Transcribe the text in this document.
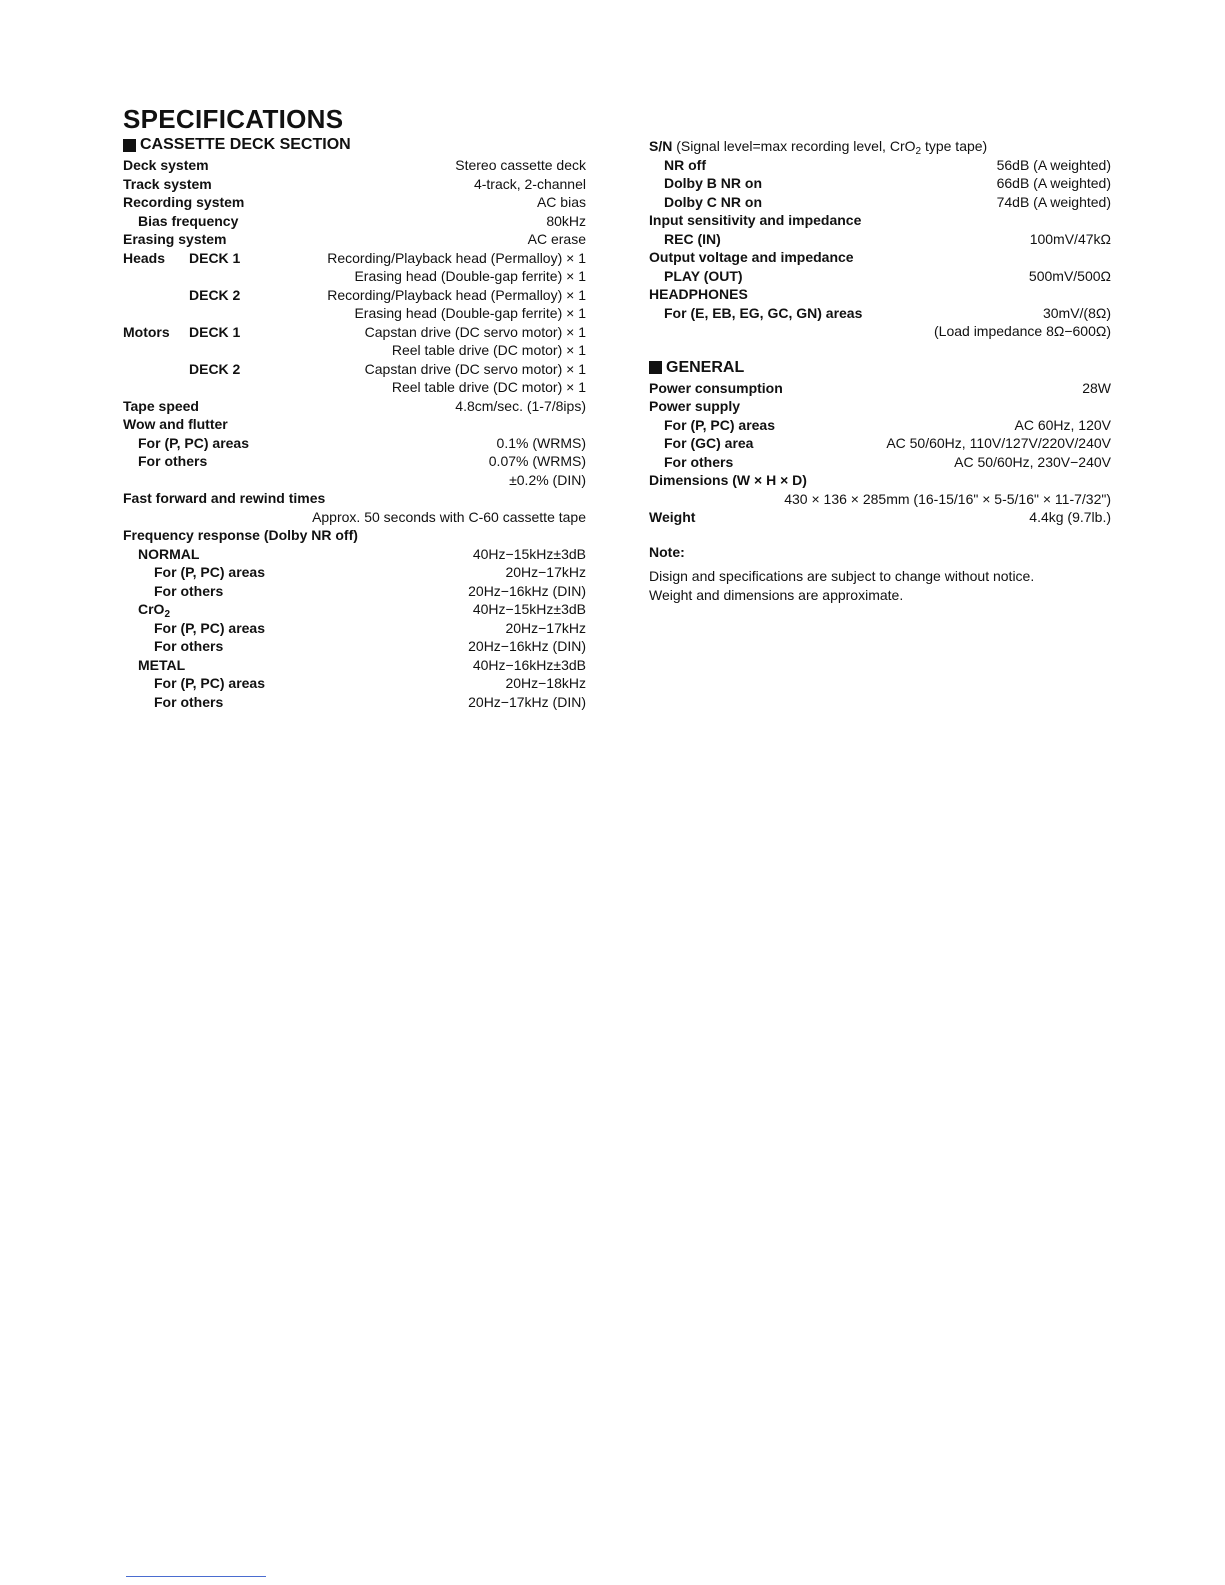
SPECIFICATIONS
CASSETTE DECK SECTION
Deck system	Stereo cassette deck
Track system	4-track, 2-channel
Recording system	AC bias
Bias frequency	80kHz
Erasing system	AC erase
Heads DECK 1	Recording/Playback head (Permalloy) × 1
Erasing head (Double-gap ferrite) × 1
DECK 2	Recording/Playback head (Permalloy) × 1
Erasing head (Double-gap ferrite) × 1
Motors DECK 1	Capstan drive (DC servo motor) × 1
Reel table drive (DC motor) × 1
DECK 2	Capstan drive (DC servo motor) × 1
Reel table drive (DC motor) × 1
Tape speed	4.8cm/sec. (1-7/8ips)
Wow and flutter
For (P, PC) areas	0.1% (WRMS)
For others	0.07% (WRMS)
±0.2% (DIN)
Fast forward and rewind times
Approx. 50 seconds with C-60 cassette tape
Frequency response (Dolby NR off)
NORMAL	40Hz−15kHz±3dB
For (P, PC) areas	20Hz−17kHz
For others	20Hz−16kHz (DIN)
CrO$_2$	40Hz−15kHz±3dB
For (P, PC) areas	20Hz−17kHz
For others	20Hz−16kHz (DIN)
METAL	40Hz−16kHz±3dB
For (P, PC) areas	20Hz−18kHz
For others	20Hz−17kHz (DIN)
S/N (Signal level=max recording level, CrO$_2$ type tape)
NR off	56dB (A weighted)
Dolby B NR on	66dB (A weighted)
Dolby C NR on	74dB (A weighted)
Input sensitivity and impedance
REC (IN)	100mV/47kΩ
Output voltage and impedance
PLAY (OUT)	500mV/500Ω
HEADPHONES
For (E, EB, EG, GC, GN) areas	30mV/(8Ω)
(Load impedance 8Ω−600Ω)
GENERAL
Power consumption	28W
Power supply
For (P, PC) areas	AC 60Hz, 120V
For (GC) area	AC 50/60Hz, 110V/127V/220V/240V
For others	AC 50/60Hz, 230V−240V
Dimensions (W × H × D)
430 × 136 × 285mm (16-15/16" × 5-5/16" × 11-7/32")
Weight	4.4kg (9.7lb.)
Note:
Disign and specifications are subject to change without notice.
Weight and dimensions are approximate.
